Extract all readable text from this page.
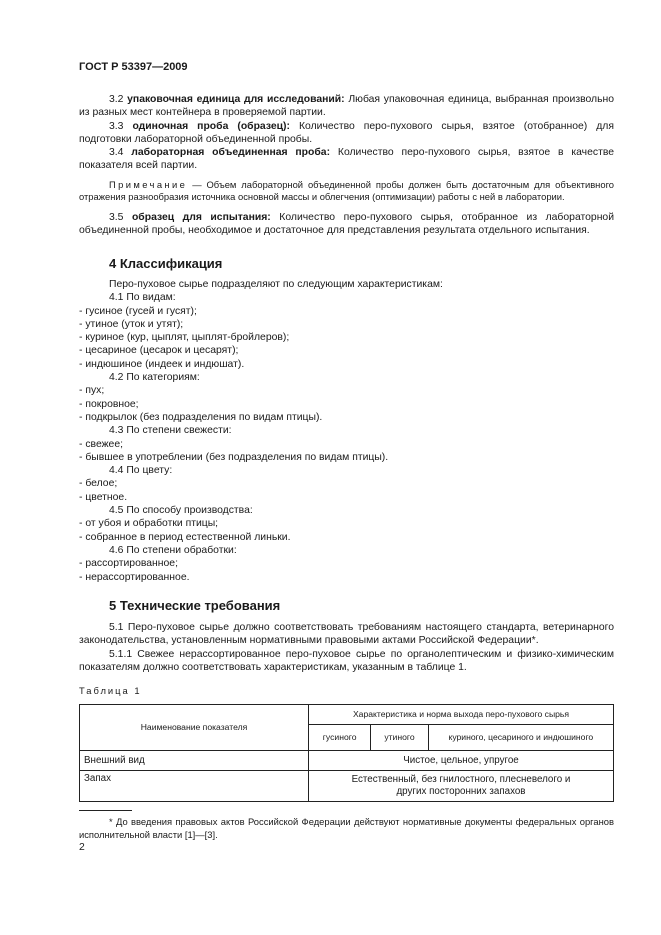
ГОСТ Р 53397—2009

3.2 упаковочная единица для исследований: Любая упаковочная единица, выбранная произвольно из разных мест контейнера в проверяемой партии.

3.3 одиночная проба (образец): Количество перо-пухового сырья, взятое (отобранное) для подготовки лабораторной объединенной пробы.

3.4 лабораторная объединенная проба: Количество перо-пухового сырья, взятое в качестве показателя всей партии.

Примечание — Объем лабораторной объединенной пробы должен быть достаточным для объективного отражения разнообразия источника основной массы и облегчения (оптимизации) работы с ней в лаборатории.

3.5 образец для испытания: Количество перо-пухового сырья, отобранное из лабораторной объединенной пробы, необходимое и достаточное для представления результата отдельного испытания.

4 Классификация

Перо-пуховое сырье подразделяют по следующим характеристикам:

4.1 По видам:
- гусиное (гусей и гусят);
- утиное (уток и утят);
- куриное (кур, цыплят, цыплят-бройлеров);
- цесариное (цесарок и цесарят);
- индюшиное (индеек и индюшат).
4.2 По категориям:
- пух;
- покровное;
- подкрылок (без подразделения по видам птицы).
4.3 По степени свежести:
- свежее;
- бывшее в употреблении (без подразделения по видам птицы).
4.4 По цвету:
- белое;
- цветное.
4.5 По способу производства:
- от убоя и обработки птицы;
- собранное в период естественной линьки.
4.6 По степени обработки:
- рассортированное;
- нерассортированное.
5 Технические требования

5.1 Перо-пуховое сырье должно соответствовать требованиям настоящего стандарта, ветеринарного законодательства, установленным нормативными правовыми актами Российской Федерации*.

5.1.1 Свежее нерассортированное перо-пуховое сырье по органолептическим и физико-химическим показателям должно соответствовать характеристикам, указанным в таблице 1.

Таблица 1
Наименование показателя	Характеристика и норма выхода перо-пухового сырья		
	гусиного	утиного	куриного, цесариного и индюшиного
Внешний вид	Чистое, цельное, упругое		
Запах	Естественный, без гнилостного, плесневелого и других посторонних запахов		

* До введения правовых актов Российской Федерации действуют нормативные документы федеральных органов исполнительной власти [1]—[3].

2
